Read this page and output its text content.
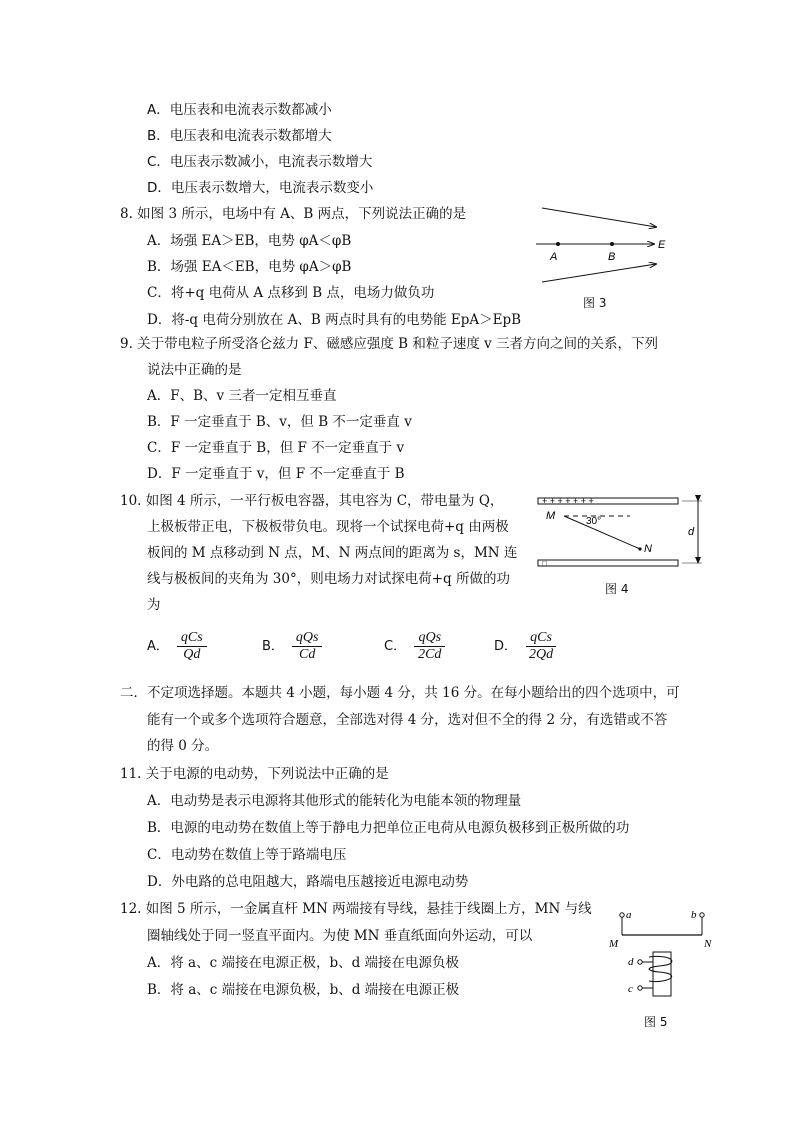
A．电压表和电流表示数都减小
B．电压表和电流表示数都增大
C．电压表示数减小，电流表示数增大
D．电压表示数增大，电流表示数变小
8. 如图 3 所示，电场中有 A、B 两点，下列说法正确的是
A．场强 EA＞EB，电势 φA＜φB
B．场强 EA＜EB，电势 φA＞φB
C．将+q 电荷从 A 点移到 B 点，电场力做负功
D．将-q 电荷分别放在 A、B 两点时具有的电势能 EpA＞EpB
A	B
E
图 3
9. 关于带电粒子所受洛仑兹力 F、磁感应强度 B 和粒子速度 v 三者方向之间的关系，下列
说法中正确的是
A．F、B、v 三者一定相互垂直
B．F 一定垂直于 B、v，但 B 不一定垂直 v
C．F 一定垂直于 B，但 F 不一定垂直于 v
D．F 一定垂直于 v，但 F 不一定垂直于 B
10. 如图 4 所示，一平行板电容器，其电容为 C，带电量为 Q，
上极板带正电，下极板带负电。现将一个试探电荷+q 由两极
板间的 M 点移动到 N 点，M、N 两点间的距离为 s，MN 连
线与极板间的夹角为 30°，则电场力对试探电荷+q 所做的功
为
+ + + + + + +
□
M
N
30°
d
图 4
A． $\frac{\text{qCs}}{Qd}$	B． $\frac{\text{qQs}}{Cd}$	C． $\frac{\text{qQs}}{2Cd}$	D． $\frac{\text{qCs}}{2Qd}$
二．不定项选择题。本题共 4 小题，每小题 4 分，共 16 分。在每小题给出的四个选项中，可
能有一个或多个选项符合题意，全部选对得 4 分，选对但不全的得 2 分，有选错或不答
的得 0 分。
11. 关于电源的电动势，下列说法中正确的是
A．电动势是表示电源将其他形式的能转化为电能本领的物理量
B．电源的电动势在数值上等于静电力把单位正电荷从电源负极移到正极所做的功
C．电动势在数值上等于路端电压
D．外电路的总电阻越大，路端电压越接近电源电动势
12. 如图 5 所示，一金属直杆 MN 两端接有导线，悬挂于线圈上方，MN 与线
圈轴线处于同一竖直平面内。为使 MN 垂直纸面向外运动，可以
A．将 a、c 端接在电源正极，b、d 端接在电源负极
B．将 a、c 端接在电源负极，b、d 端接在电源正极
a	b
M	N
d
c
图 5
